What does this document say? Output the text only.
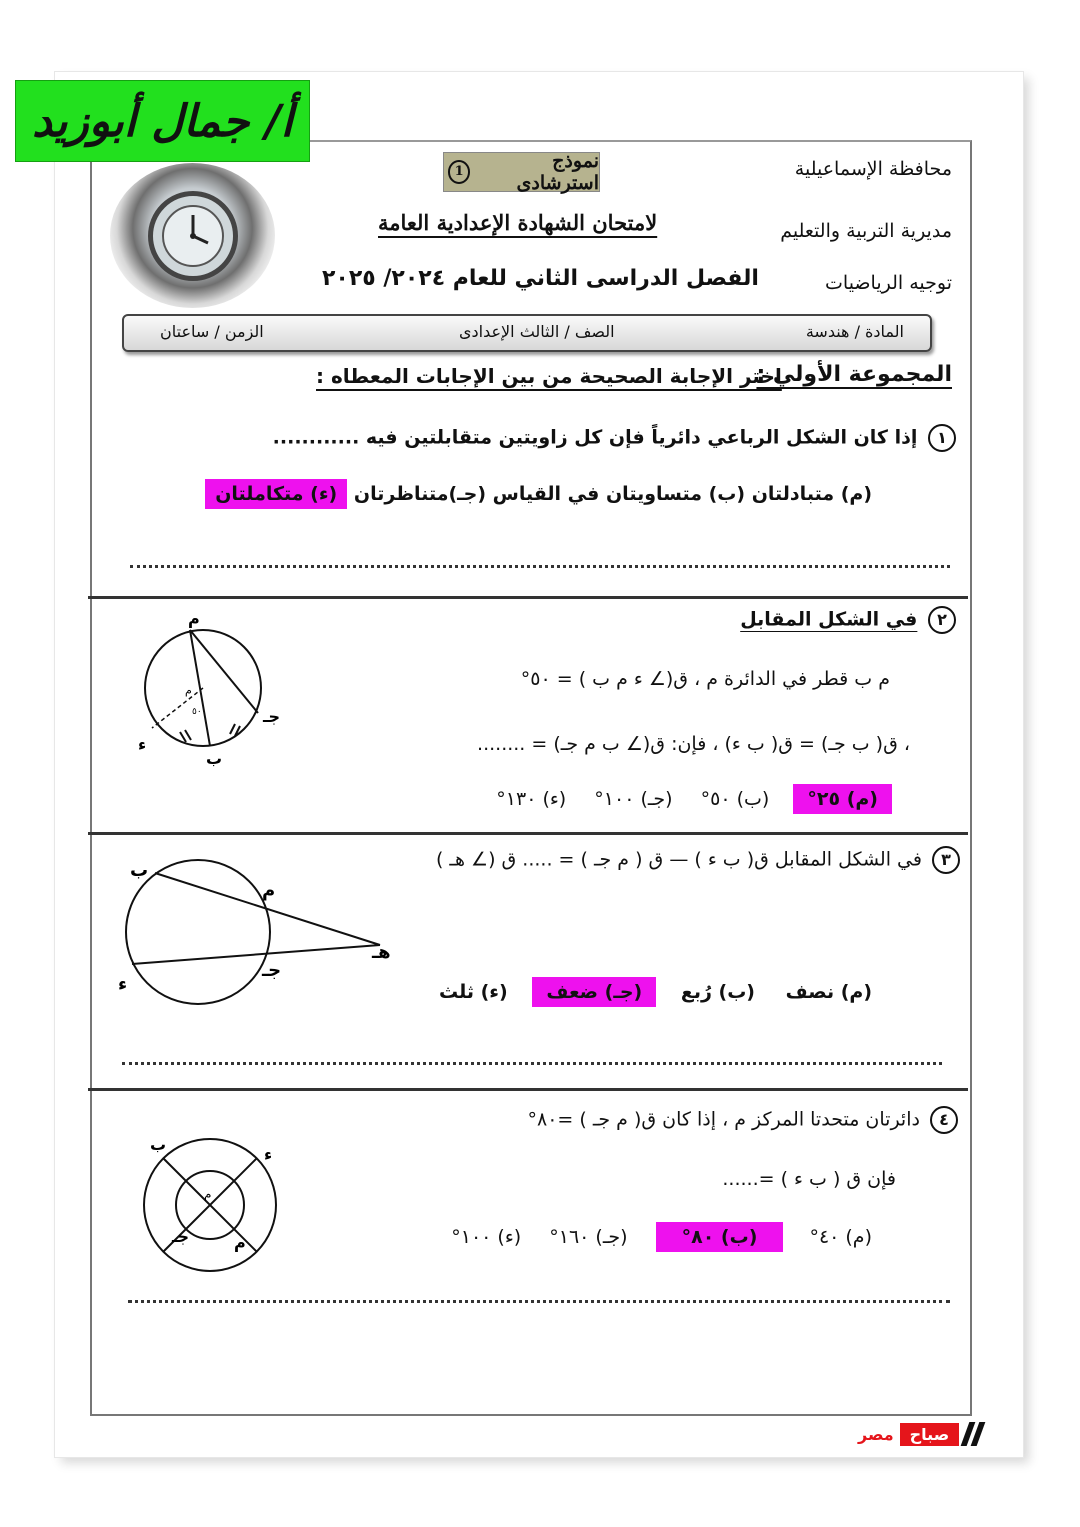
أ/ جمال أبوزيد
محافظة الإسماعيلية
مديرية التربية والتعليم
توجيه الرياضيات
نموذج استرشادى
1
لامتحان الشهادة الإعدادية العامة
الفصل الدراسى الثاني للعام ٢٠٢٤/ ٢٠٢٥
المادة / هندسة
الصف / الثالث الإعدادى
الزمن / ساعتان
المجموعة الأولي :
اختر الإجابة الصحيحة من بين الإجابات المعطاه :
١ إذا كان الشكل الرباعي دائرياً فإن كل زاويتين متقابلتين فيه ............
(م) متبادلتان (ب) متساويتان في القياس (جـ)متناظرتان (ء) متكاملتان
٢ في الشكل المقابل
م ب قطر في الدائرة م ، ق(∠ ء م ب ) = ٥٠°
، ق( ب جـ) = ق( ب ء) ، فإن: ق(∠ ب م جـ) = ........
(م) ٢٥° (ب) ٥٠° (جـ) ١٠٠° (ء) ١٣٠°
م
م
٥٠
ء
ب
جـ
٣ في الشكل المقابل ق( ب ء ) — ق ( م جـ ) = ..... ق (∠ هـ )
(م) نصف (ب) رُبع (جـ) ضعف (ء) ثلث
ب
م
هـ
جـ
ء
٤ دائرتان متحدتا المركز م ، إذا كان ق( م جـ ) =٨٠°
فإن ق ( ب ء ) =......
(م) ٤٠° (ب) ٨٠° (جـ) ١٦٠° (ء) ١٠٠°
ب
ء
م
جـ	م
صباح
مصر
